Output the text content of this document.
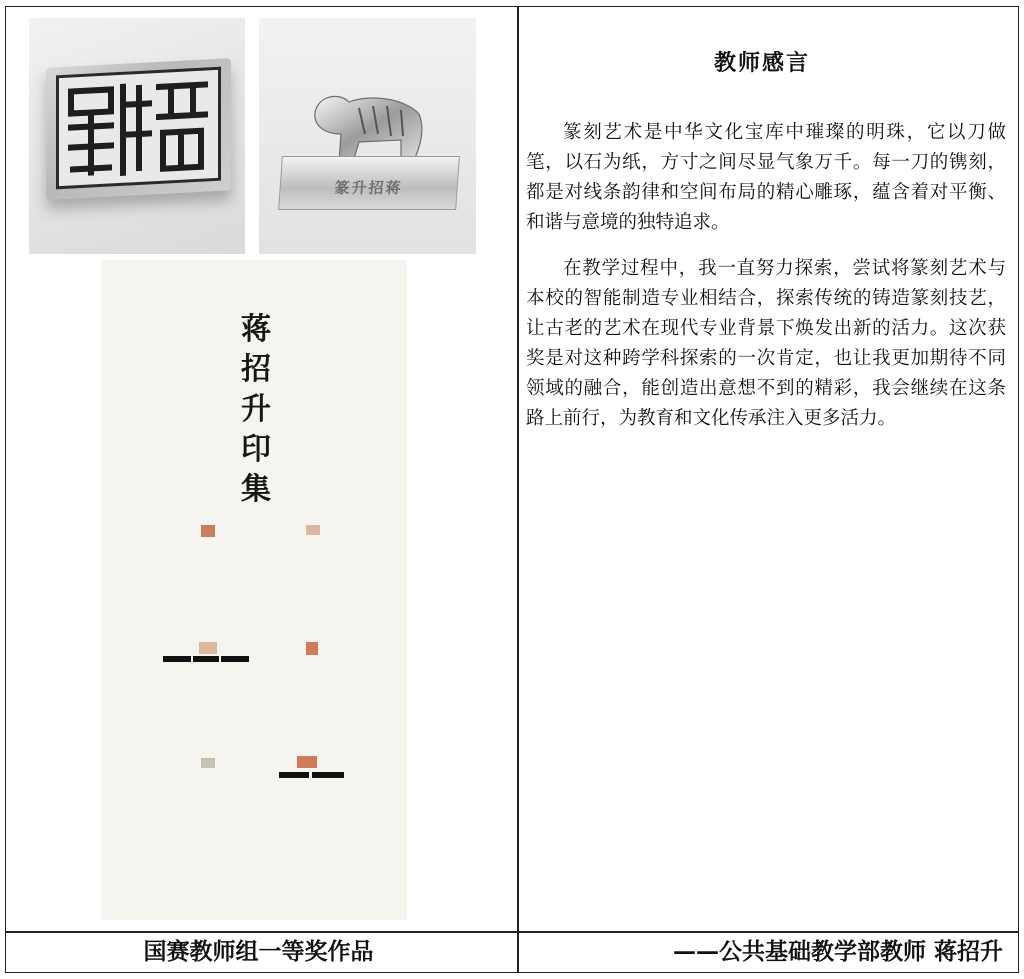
篆升招蒋
蒋
招
升
印
集
教师感言

篆刻艺术是中华文化宝库中璀璨的明珠，它以刀做笔，以石为纸，方寸之间尽显气象万千。每一刀的镌刻，都是对线条韵律和空间布局的精心雕琢，蕴含着对平衡、和谐与意境的独特追求。

在教学过程中，我一直努力探索，尝试将篆刻艺术与本校的智能制造专业相结合，探索传统的铸造篆刻技艺，让古老的艺术在现代专业背景下焕发出新的活力。这次获奖是对这种跨学科探索的一次肯定，也让我更加期待不同领域的融合，能创造出意想不到的精彩，我会继续在这条路上前行，为教育和文化传承注入更多活力。

国赛教师组一等奖作品	——公共基础教学部教师 蒋招升
